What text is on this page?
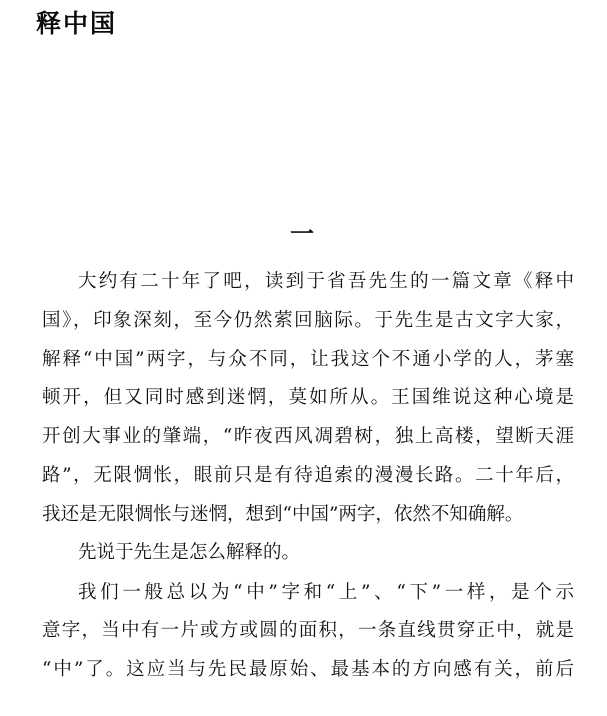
释中国
一
大约有二十年了吧，读到于省吾先生的一篇文章《释中
国》，印象深刻，至今仍然萦回脑际。于先生是古文字大家，
解释“中国”两字，与众不同，让我这个不通小学的人，茅塞
顿开，但又同时感到迷惘，莫如所从。王国维说这种心境是
开创大事业的肇端，“昨夜西风凋碧树，独上高楼，望断天涯
路”，无限惆怅，眼前只是有待追索的漫漫长路。二十年后，
我还是无限惆怅与迷惘，想到“中国”两字，依然不知确解。
先说于先生是怎么解释的。
我们一般总以为“中”字和“上”、“下”一样，是个示
意字，当中有一片或方或圆的面积，一条直线贯穿正中，就是
“中”了。这应当与先民最原始、最基本的方向感有关，前后
